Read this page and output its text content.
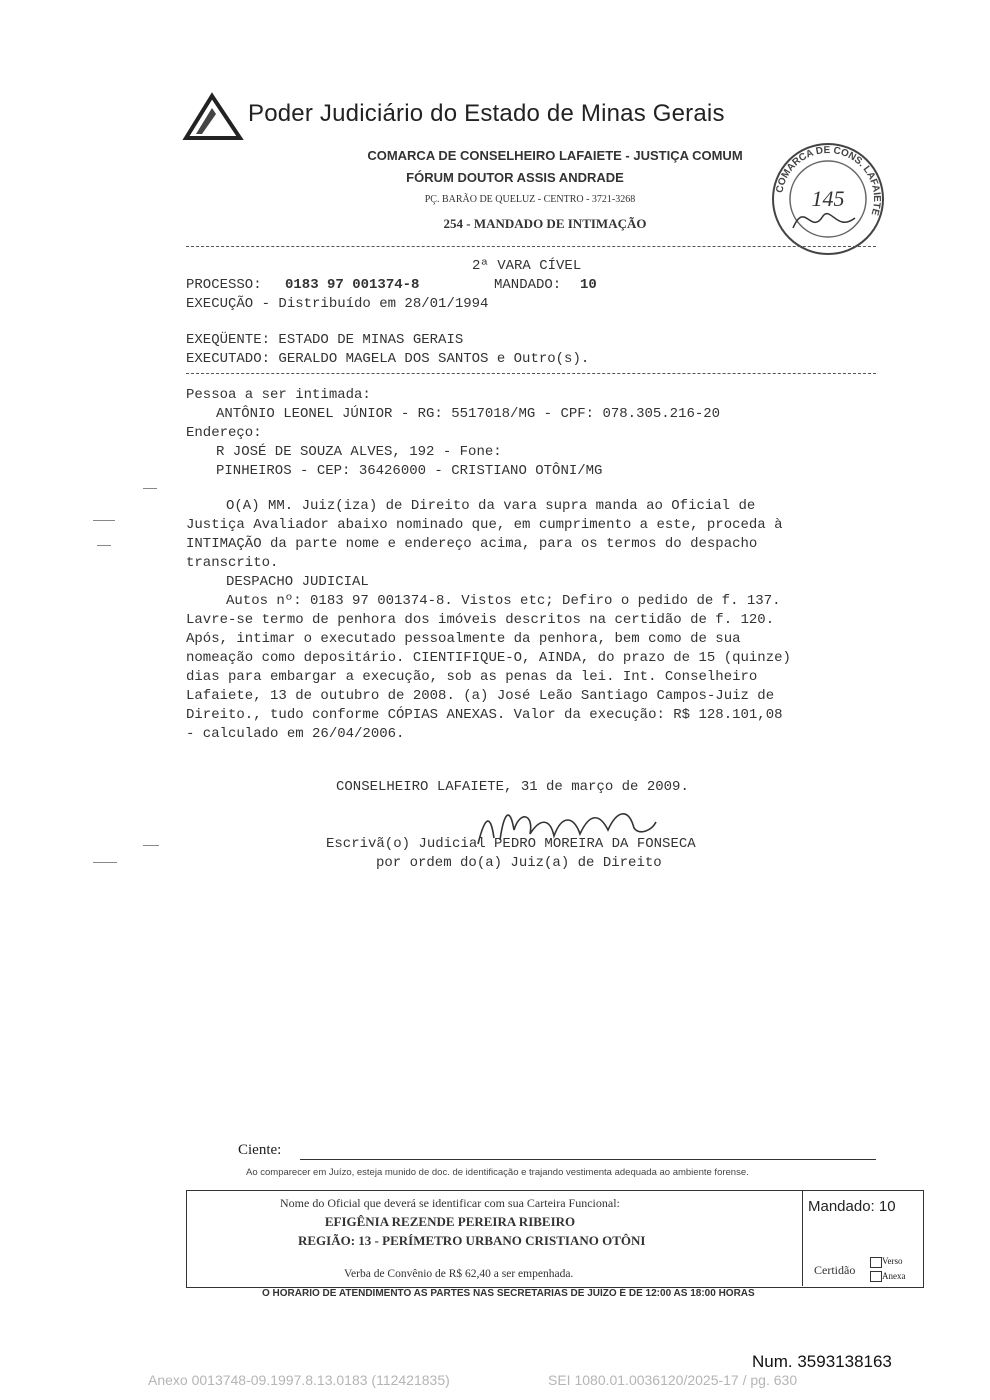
Poder Judiciário do Estado de Minas Gerais
COMARCA DE CONSELHEIRO LAFAIETE - JUSTIÇA COMUM
FÓRUM DOUTOR ASSIS ANDRADE
PÇ. BARÃO DE QUELUZ - CENTRO - 3721-3268
254 - MANDADO DE INTIMAÇÃO
COMARCA DE CONS. LAFAIETE
145
2ª VARA CÍVEL
PROCESSO: 0183 97 001374-8	MANDADO: 10
EXECUÇÃO - Distribuído em 28/01/1994
EXEQÜENTE: ESTADO DE MINAS GERAIS
EXECUTADO: GERALDO MAGELA DOS SANTOS e Outro(s).
Pessoa a ser intimada:
ANTÔNIO LEONEL JÚNIOR - RG: 5517018/MG - CPF: 078.305.216-20
Endereço:
R JOSÉ DE SOUZA ALVES, 192 - Fone:
PINHEIROS - CEP: 36426000 - CRISTIANO OTÔNI/MG
O(A) MM. Juiz(iza) de Direito da vara supra manda ao Oficial de
Justiça Avaliador abaixo nominado que, em cumprimento a este, proceda à
INTIMAÇÃO da parte nome e endereço acima, para os termos do despacho
transcrito.
DESPACHO JUDICIAL
Autos nº: 0183 97 001374-8. Vistos etc; Defiro o pedido de f. 137.
Lavre-se termo de penhora dos imóveis descritos na certidão de f. 120.
Após, intimar o executado pessoalmente da penhora, bem como de sua
nomeação como depositário. CIENTIFIQUE-O, AINDA, do prazo de 15 (quinze)
dias para embargar a execução, sob as penas da lei. Int. Conselheiro
Lafaiete, 13 de outubro de 2008. (a) José Leão Santiago Campos-Juiz de
Direito., tudo conforme CÓPIAS ANEXAS. Valor da execução: R$ 128.101,08
- calculado em 26/04/2006.
CONSELHEIRO LAFAIETE, 31 de março de 2009.
Escrivã(o) Judicial PEDRO MOREIRA DA FONSECA
por ordem do(a) Juiz(a) de Direito
Ciente:
Ao comparecer em Juízo, esteja munido de doc. de identificação e trajando vestimenta adequada ao ambiente forense.
Nome do Oficial que deverá se identificar com sua Carteira Funcional:
EFIGÊNIA REZENDE PEREIRA RIBEIRO
REGIÃO: 13 - PERÍMETRO URBANO CRISTIANO OTÔNI
Verba de Convênio de R$ 62,40 a ser empenhada.
Mandado: 10
Certidão
Verso
Anexa
O HORÁRIO DE ATENDIMENTO AS PARTES NAS SECRETARIAS DE JUÍZO É DE 12:00 AS 18:00 HORAS
Num. 3593138163
Anexo 0013748-09.1997.8.13.0183 (112421835)	SEI 1080.01.0036120/2025-17 / pg. 630
